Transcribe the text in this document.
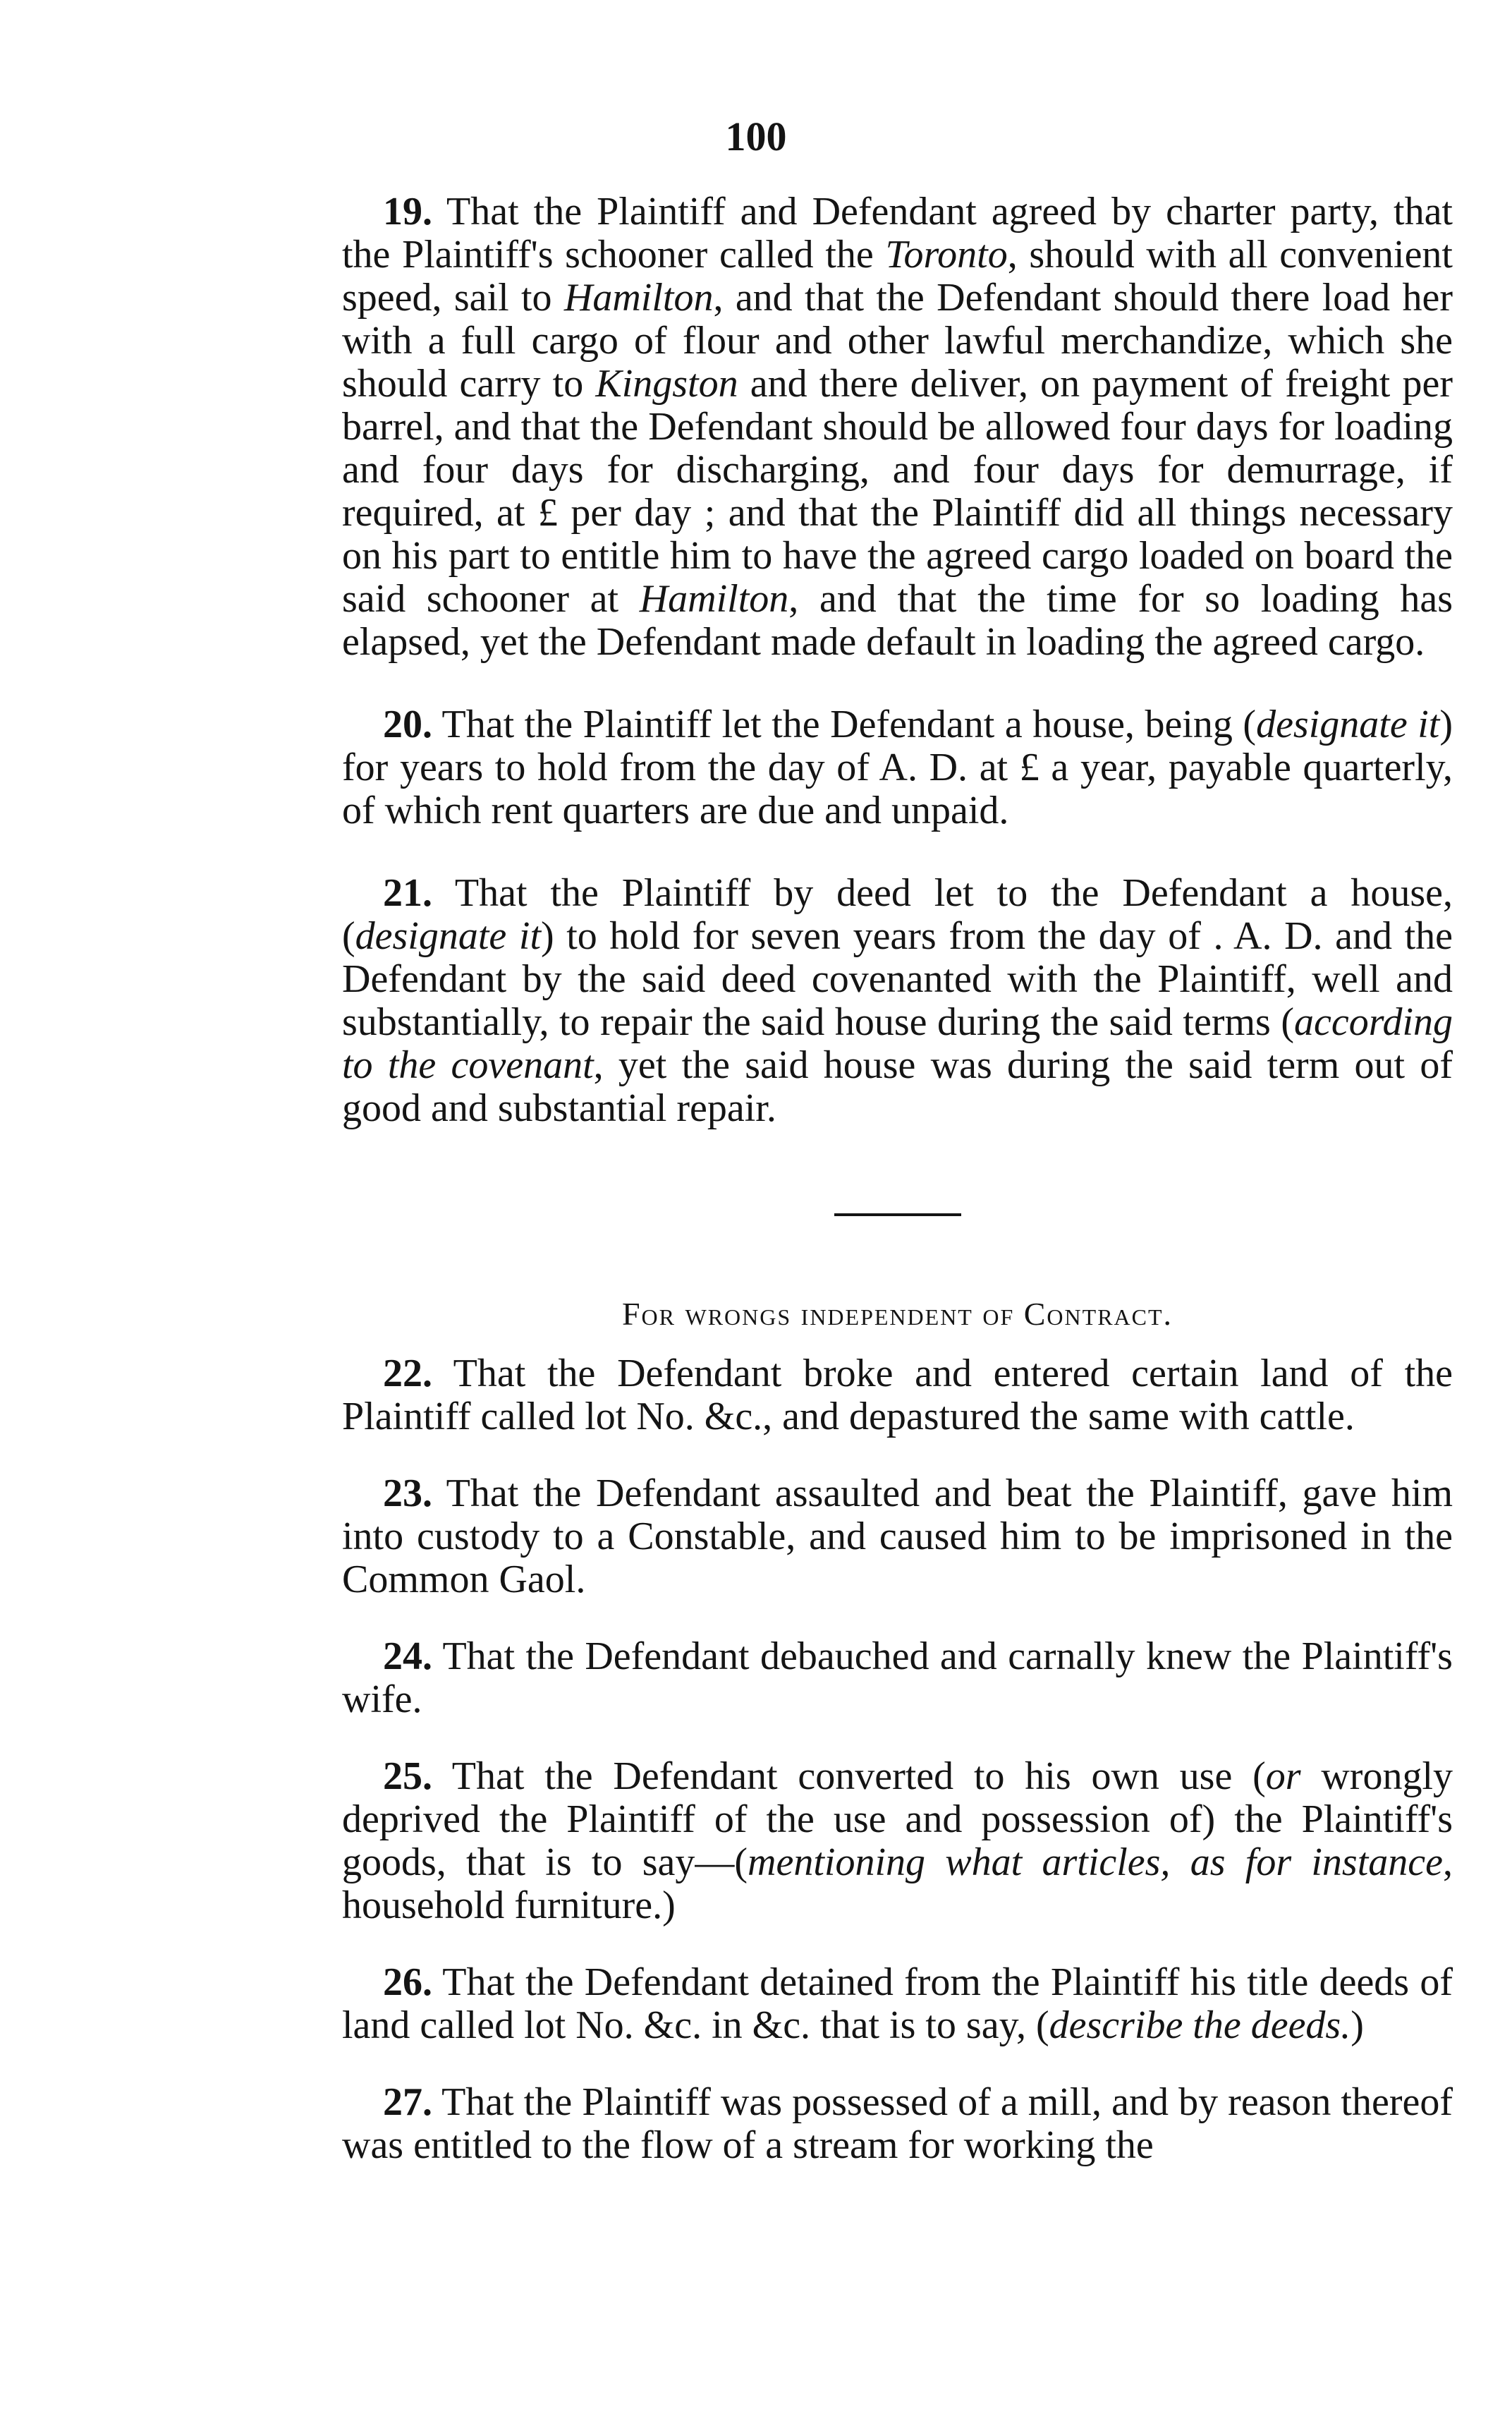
100

19. That the Plaintiff and Defendant agreed by charter party, that the Plaintiff's schooner called the Toronto, should with all convenient speed, sail to Hamilton, and that the Defendant should there load her with a full cargo of flour and other lawful merchandize, which she should carry to Kingston and there deliver, on payment of freight per barrel, and that the Defendant should be allowed four days for loading and four days for discharging, and four days for demurrage, if required, at £ per day ; and that the Plaintiff did all things necessary on his part to entitle him to have the agreed cargo loaded on board the said schooner at Hamilton, and that the time for so loading has elapsed, yet the Defendant made default in loading the agreed cargo.

20. That the Plaintiff let the Defendant a house, being (designate it) for years to hold from the day of A. D. at £ a year, payable quarterly, of which rent quarters are due and unpaid.

21. That the Plaintiff by deed let to the Defendant a house, (designate it) to hold for seven years from the day of . A. D. and the Defendant by the said deed covenanted with the Plaintiff, well and substantially, to repair the said house during the said terms (according to the covenant, yet the said house was during the said term out of good and substantial repair.

For wrongs independent of Contract.

22. That the Defendant broke and entered certain land of the Plaintiff called lot No. &c., and depastured the same with cattle.

23. That the Defendant assaulted and beat the Plaintiff, gave him into custody to a Constable, and caused him to be imprisoned in the Common Gaol.

24. That the Defendant debauched and carnally knew the Plaintiff's wife.

25. That the Defendant converted to his own use (or wrongly deprived the Plaintiff of the use and possession of) the Plaintiff's goods, that is to say—(mentioning what articles, as for instance, household furniture.)

26. That the Defendant detained from the Plaintiff his title deeds of land called lot No. &c. in &c. that is to say, (describe the deeds.)

27. That the Plaintiff was possessed of a mill, and by reason thereof was entitled to the flow of a stream for working the
